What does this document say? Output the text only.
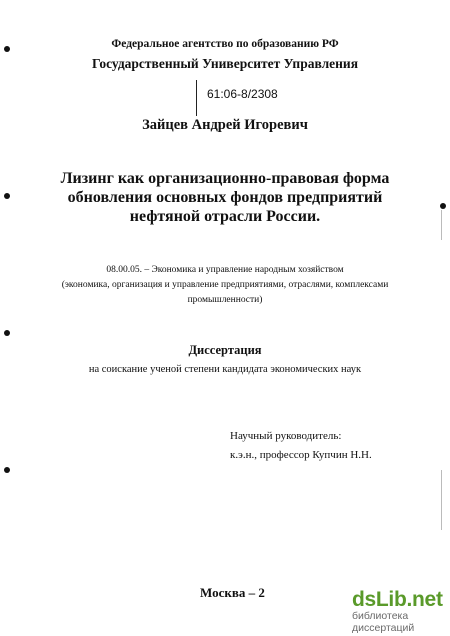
Федеральное агентство по образованию РФ
Государственный Университет Управления
61:06-8/2308
Зайцев Андрей Игоревич
Лизинг как организационно-правовая форма
обновления основных фондов предприятий
нефтяной отрасли России.
08.00.05. – Экономика и управление народным хозяйством
(экономика, организация и управление предприятиями, отраслями, комплексами
промышленности)
Диссертация
на соискание ученой степени кандидата экономических наук
Научный руководитель:
к.э.н., профессор Купчин Н.Н.
Москва – 2	dsLib.net
библиотека диссертаций
